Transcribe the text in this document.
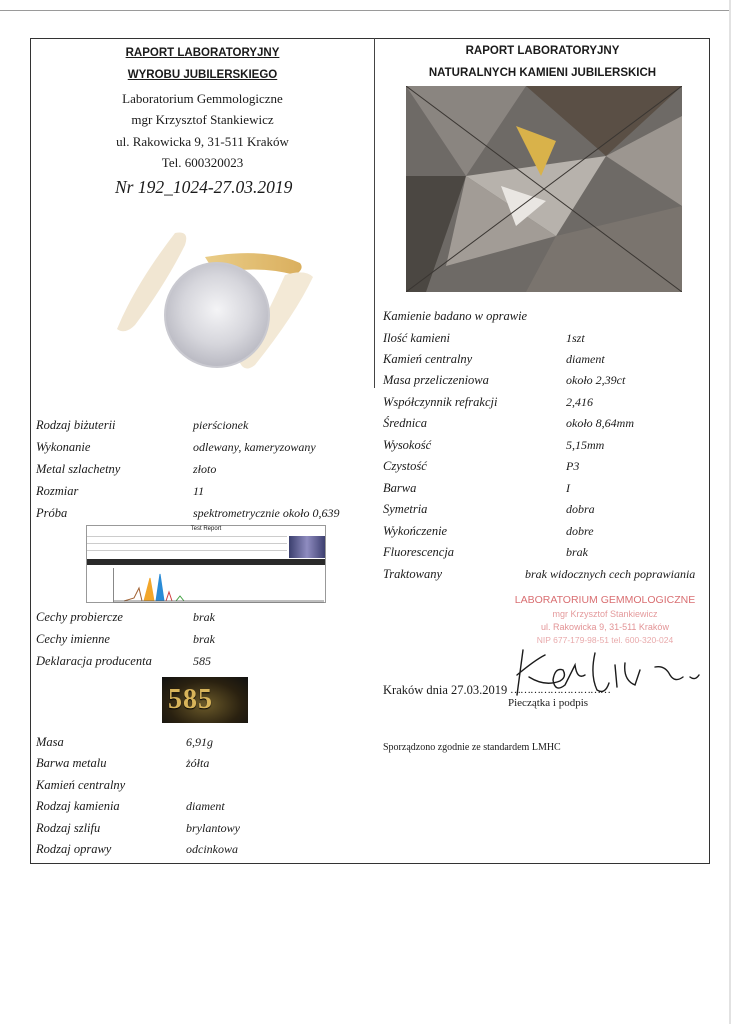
RAPORT LABORATORYJNY
WYROBU JUBILERSKIEGO
Laboratorium Gemmologiczne
mgr Krzysztof Stankiewicz
ul. Rakowicka 9, 31-511 Kraków
Tel. 600320023
Nr 192_1024-27.03.2019
RAPORT LABORATORYJNY
NATURALNYCH KAMIENI JUBILERSKICH
Rodzaj biżuterii	pierścionek
Wykonanie	odlewany, kameryzowany
Metal szlachetny	złoto
Rozmiar	11
Próba	spektrometrycznie około 0,639
Test Report
Cechy probiercze	brak
Cechy imienne	brak
Deklaracja producenta	585
585
Masa	6,91g
Barwa metalu	żółta
Kamień centralny
Rodzaj kamienia	diament
Rodzaj szlifu	brylantowy
Rodzaj oprawy	odcinkowa
Kamienie badano w oprawie
Ilość kamieni	1szt
Kamień centralny	diament
Masa przeliczeniowa	około 2,39ct
Współczynnik refrakcji	2,416
Średnica	około 8,64mm
Wysokość	5,15mm
Czystość	P3
Barwa	I
Symetria	dobra
Wykończenie	dobre
Fluorescencja	brak
Traktowany	brak widocznych cech poprawiania
LABORATORIUM GEMMOLOGICZNE
mgr Krzysztof Stankiewicz
ul. Rakowicka 9, 31-511 Kraków
NIP 677-179-98-51 tel. 600-320-024
Kraków dnia 27.03.2019 …………………………
Pieczątka i podpis
Sporządzono zgodnie ze standardem LMHC
